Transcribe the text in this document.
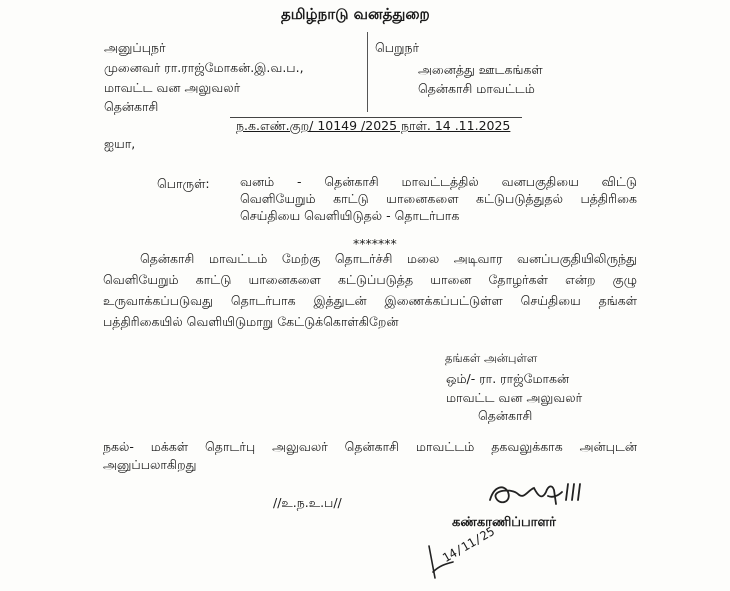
தமிழ்நாடு வனத்துறை
அனுப்புநர்
முனைவர் ரா.ராஜ்மோகன்.இ.வ.ப.,
மாவட்ட வன அலுவலர்
தென்காசி
பெறுநர்
அனைத்து ஊடகங்கள்
தென்காசி மாவட்டம்
ந.க.எண்.குற/ 10149 /2025 நாள். 14 .11.2025
ஐயா,
பொருள்: வனம் - தென்காசி மாவட்டத்தில் வனபகுதியை விட்டு
வெளியேறும் காட்டு யானைகளை கட்டுபடுத்துதல் பத்திரிகை
செய்தியை வெளியிடுதல் - தொடர்பாக
*******
தென்காசி மாவட்டம் மேற்கு தொடர்ச்சி மலை அடிவார வனப்பகுதியிலிருந்து
வெளியேறும் காட்டு யானைகளை கட்டுப்படுத்த யானை தோழர்கள் என்ற குழு
உருவாக்கப்படுவது தொடர்பாக இத்துடன் இணைக்கப்பட்டுள்ள செய்தியை தங்கள்
பத்திரிகையில் வெளியிடுமாறு கேட்டுக்கொள்கிறேன்
தங்கள் அன்புள்ள
ஒம்/- ரா. ராஜ்மோகன்
மாவட்ட வன அலுவலர்
தென்காசி
நகல்- மக்கள் தொடர்பு அலுவலர் தென்காசி மாவட்டம் தகவலுக்காக அன்புடன்
அனுப்பலாகிறது
//உ.ந.உ.ப//
கண்காணிப்பாளர்
14/11/25
